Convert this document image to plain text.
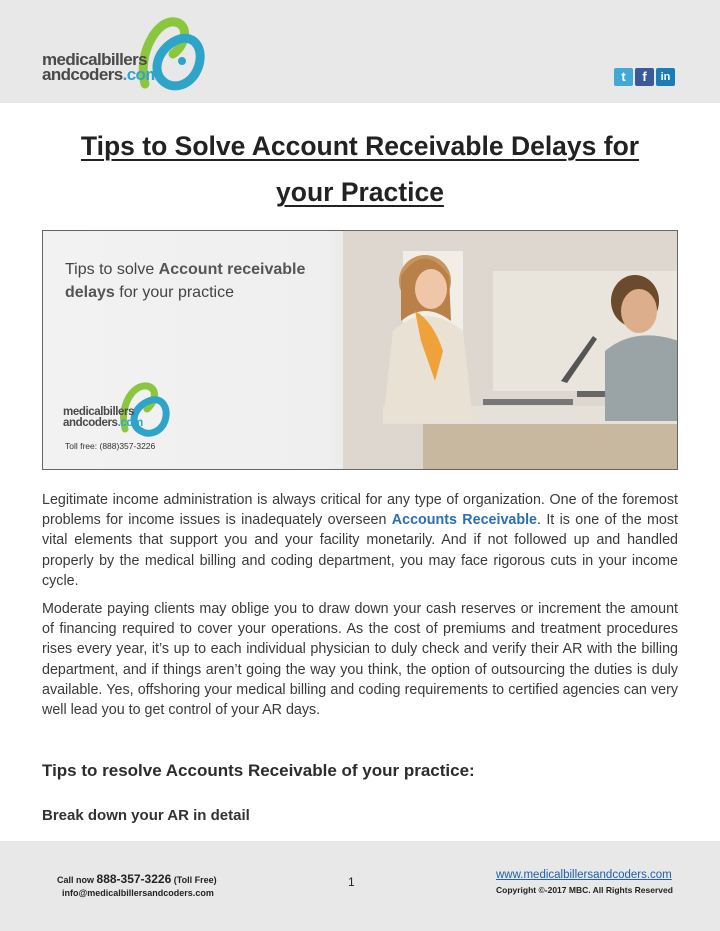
medicalbillers
andcoders.com	t	f	in
Tips to Solve Account Receivable Delays for
your Practice
Tips to solve Account receivable
delays for your practice
medicalbillers
andcoders.com
Toll free: (888)357-3226

Legitimate income administration is always critical for any type of organization. One of the foremost problems for income issues is inadequately overseen Accounts Receivable. It is one of the most vital elements that support you and your facility monetarily. And if not followed up and handled properly by the medical billing and coding department, you may face rigorous cuts in your income cycle.

Moderate paying clients may oblige you to draw down your cash reserves or increment the amount of financing required to cover your operations. As the cost of premiums and treatment procedures rises every year, it’s up to each individual physician to duly check and verify their AR with the billing department, and if things aren’t going the way you think, the option of outsourcing the duties is duly available. Yes, offshoring your medical billing and coding requirements to certified agencies can very well lead you to get control of your AR days.

Tips to resolve Accounts Receivable of your practice:
Break down your AR in detail
Call now 888-357-3226 (Toll Free)
info@medicalbillersandcoders.com
1	www.medicalbillersandcoders.com
Copyright ©-2017 MBC. All Rights Reserved
